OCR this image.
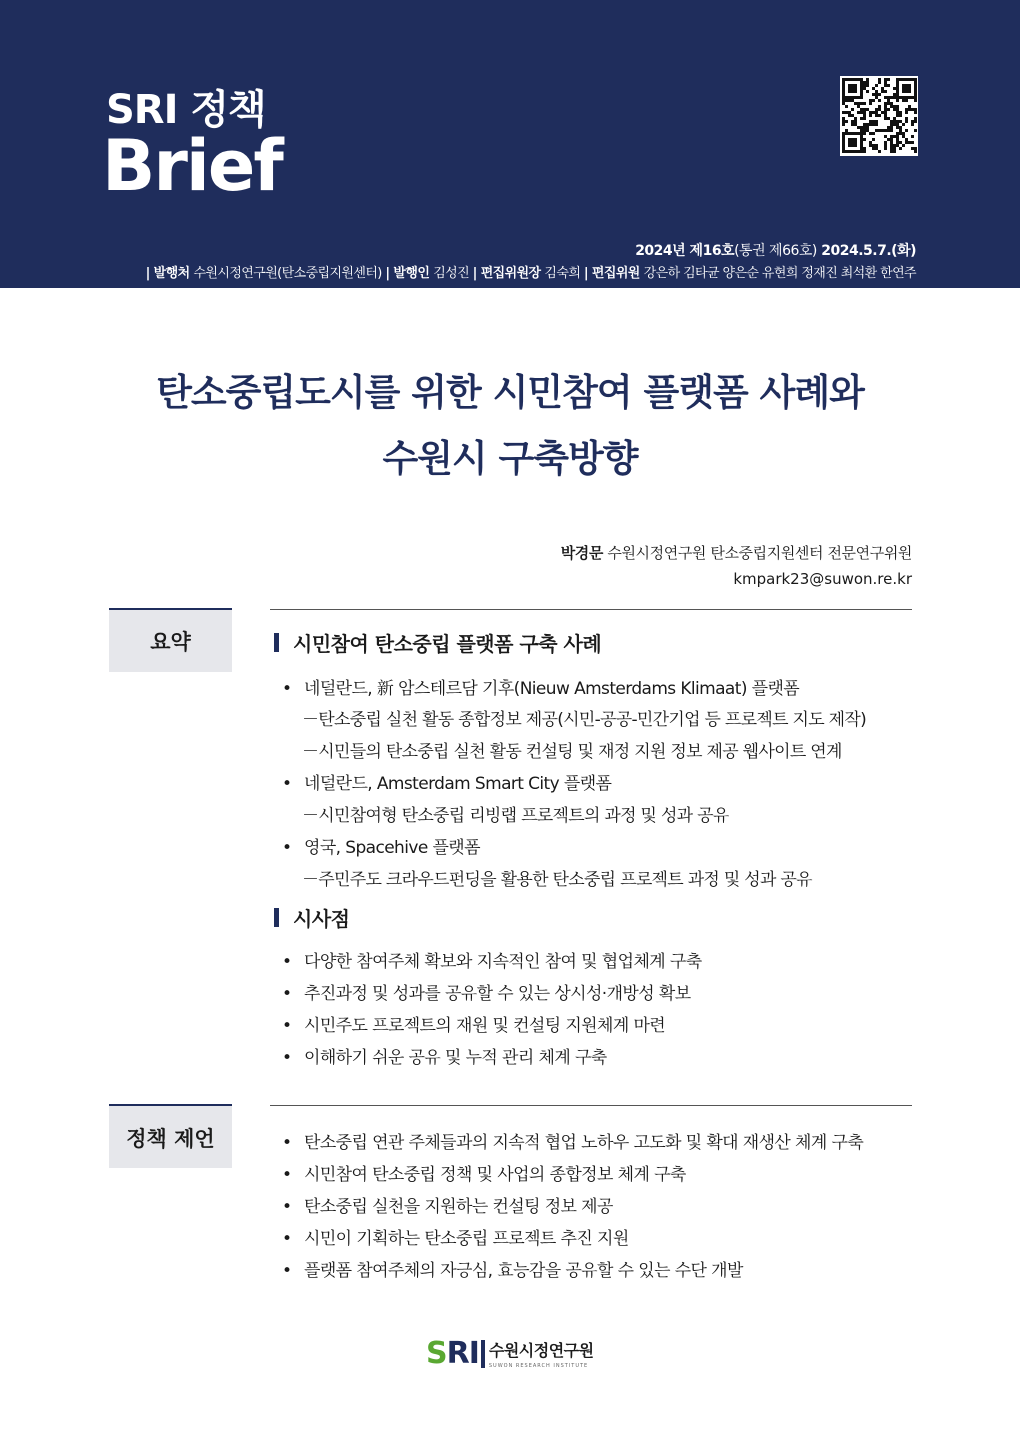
SRI 정책
Brief
2024년 제16호(통권 제66호) 2024.5.7.(화)
| 발행처 수원시정연구원(탄소중립지원센터) | 발행인 김성진 | 편집위원장 김숙희 | 편집위원 강은하 김타균 양은순 유현희 정재진 최석환 한연주
탄소중립도시를 위한 시민참여 플랫폼 사례와
수원시 구축방향
박경문 수원시정연구원 탄소중립지원센터 전문연구위원
kmpark23@suwon.re.kr
요약	시민참여 탄소중립 플랫폼 구축 사례
• 네덜란드, 新 암스테르담 기후(Nieuw Amsterdams Klimaat) 플랫폼
－탄소중립 실천 활동 종합정보 제공(시민-공공-민간기업 등 프로젝트 지도 제작)
－시민들의 탄소중립 실천 활동 컨설팅 및 재정 지원 정보 제공 웹사이트 연계
• 네덜란드, Amsterdam Smart City 플랫폼
－시민참여형 탄소중립 리빙랩 프로젝트의 과정 및 성과 공유
• 영국, Spacehive 플랫폼
－주민주도 크라우드펀딩을 활용한 탄소중립 프로젝트 과정 및 성과 공유
시사점
• 다양한 참여주체 확보와 지속적인 참여 및 협업체계 구축
• 추진과정 및 성과를 공유할 수 있는 상시성·개방성 확보
• 시민주도 프로젝트의 재원 및 컨설팅 지원체계 마련
• 이해하기 쉬운 공유 및 누적 관리 체계 구축
정책 제언	• 탄소중립 연관 주체들과의 지속적 협업 노하우 고도화 및 확대 재생산 체계 구축
• 시민참여 탄소중립 정책 및 사업의 종합정보 체계 구축
• 탄소중립 실천을 지원하는 컨설팅 정보 제공
• 시민이 기획하는 탄소중립 프로젝트 추진 지원
• 플랫폼 참여주체의 자긍심, 효능감을 공유할 수 있는 수단 개발
SRI 수원시정연구원
SUWON RESEARCH INSTITUTE
